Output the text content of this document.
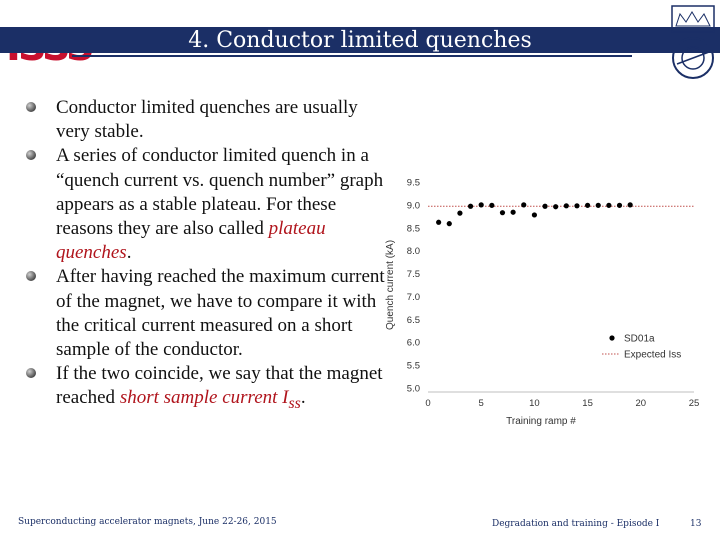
4. Conductor limited quenches
Conductor limited quenches are usually very stable.
A series of conductor limited quench in a “quench current vs. quench number” graph appears as a stable plateau. For these reasons they are also called plateau quenches.
After having reached the maximum current of the magnet, we have to compare it with the critical current measured on a short sample of the conductor.
If the two coincide, we say that the magnet reached short sample current $I_{ss}$.	5.0
5.5
6.0
6.5
7.0
7.5
8.0
8.5
9.0
9.5
0	5	10	15	20	25
Training ramp #
Quench current (kA)
SD01a
Expected Iss
Superconducting accelerator magnets, June 22-26, 2015	Degradation and training - Episode I	13
